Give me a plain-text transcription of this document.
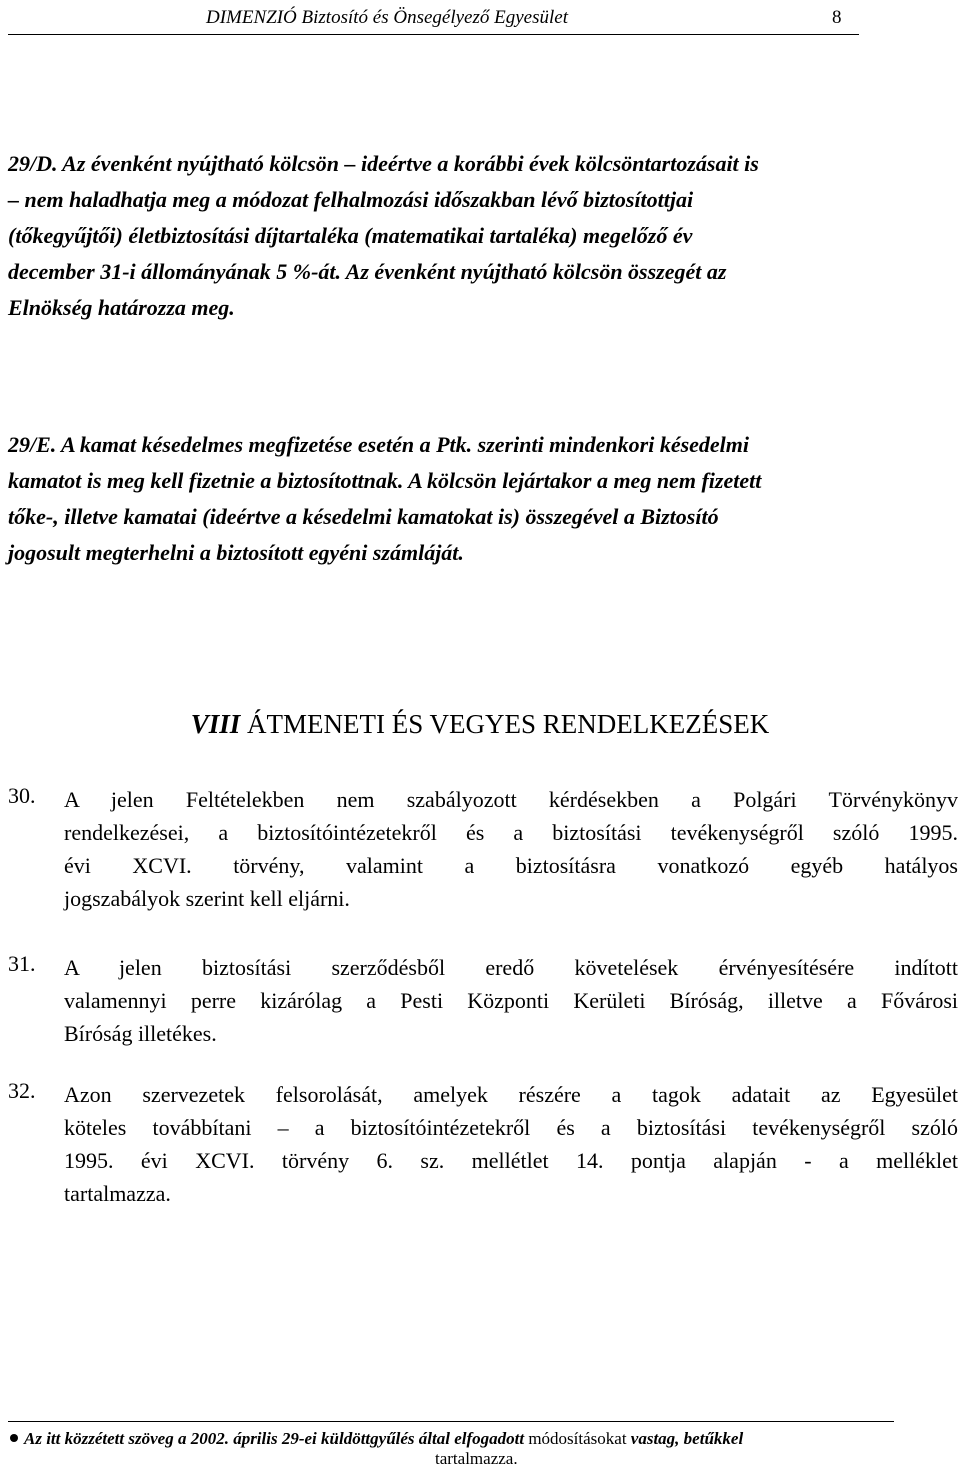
DIMENZIÓ Biztosító és Önsegélyező Egyesület	8
29/D. Az évenként nyújtható kölcsön – ideértve a korábbi évek kölcsöntartozásait is
– nem haladhatja meg a módozat felhalmozási időszakban lévő biztosítottjai
(tőkegyűjtői) életbiztosítási díjtartaléka (matematikai tartaléka) megelőző év
december 31-i állományának 5 %-át. Az évenként nyújtható kölcsön összegét az
Elnökség határozza meg.
29/E. A kamat késedelmes megfizetése esetén a Ptk. szerinti mindenkori késedelmi
kamatot is meg kell fizetnie a biztosítottnak. A kölcsön lejártakor a meg nem fizetett
tőke-, illetve kamatai (ideértve a késedelmi kamatokat is) összegével a Biztosító
jogosult megterhelni a biztosított egyéni számláját.
VIII ÁTMENETI ÉS VEGYES RENDELKEZÉSEK
30. A jelen Feltételekben nem szabályozott kérdésekben a Polgári Törvénykönyv
rendelkezései, a biztosítóintézetekről és a biztosítási tevékenységről szóló 1995.
évi XCVI. törvény, valamint a biztosításra vonatkozó egyéb hatályos
jogszabályok szerint kell eljárni.
31. A jelen biztosítási szerződésből eredő követelések érvényesítésére indított
valamennyi perre kizárólag a Pesti Központi Kerületi Bíróság, illetve a Fővárosi
Bíróság illetékes.
32. Azon szervezetek felsorolását, amelyek részére a tagok adatait az Egyesület
köteles továbbítani – a biztosítóintézetekről és a biztosítási tevékenységről szóló
1995. évi XCVI. törvény 6. sz. mellétlet 14. pontja alapján - a melléklet
tartalmazza.
Az itt közzétett szöveg a 2002. április 29-ei küldöttgyűlés által elfogadott módosításokat vastag, betűkkel
tartalmazza.
